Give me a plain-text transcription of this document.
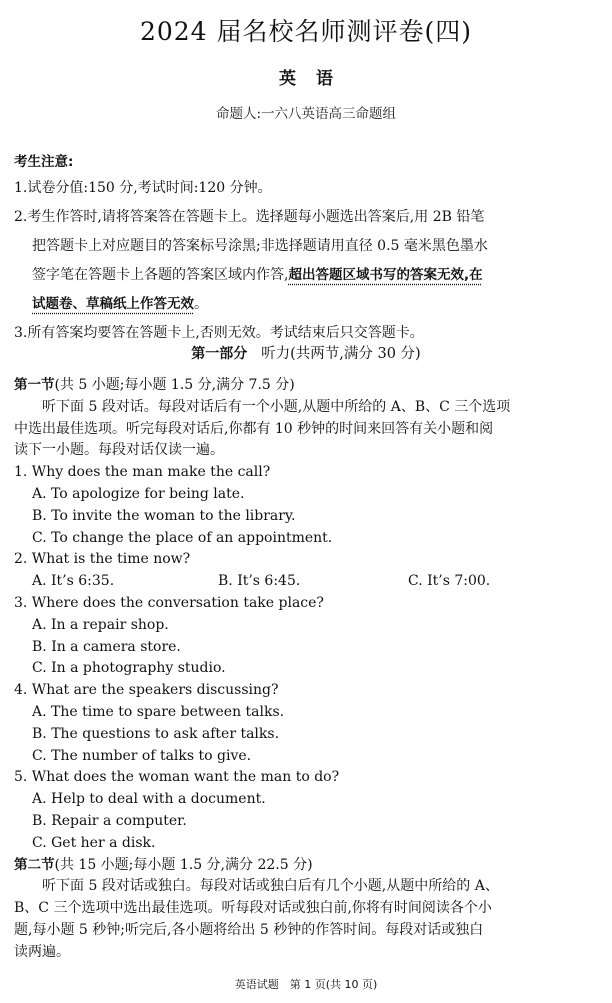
2024 届名校名师测评卷(四)
英语
命题人:一六八英语高三命题组
考生注意:
1.试卷分值:150 分,考试时间:120 分钟。
2.考生作答时,请将答案答在答题卡上。选择题每小题选出答案后,用 2B 铅笔
把答题卡上对应题目的答案标号涂黑;非选择题请用直径 0.5 毫米黑色墨水
签字笔在答题卡上各题的答案区域内作答,超出答题区域书写的答案无效,在
试题卷、草稿纸上作答无效。
3.所有答案均要答在答题卡上,否则无效。考试结束后只交答题卡。
第一部分 听力(共两节,满分 30 分)
第一节(共 5 小题;每小题 1.5 分,满分 7.5 分)
听下面 5 段对话。每段对话后有一个小题,从题中所给的 A、B、C 三个选项
中选出最佳选项。听完每段对话后,你都有 10 秒钟的时间来回答有关小题和阅
读下一小题。每段对话仅读一遍。
1. Why does the man make the call?
A. To apologize for being late.
B. To invite the woman to the library.
C. To change the place of an appointment.
2. What is the time now?
A. It’s 6:35.	B. It’s 6:45.	C. It’s 7:00.
3. Where does the conversation take place?
A. In a repair shop.
B. In a camera store.
C. In a photography studio.
4. What are the speakers discussing?
A. The time to spare between talks.
B. The questions to ask after talks.
C. The number of talks to give.
5. What does the woman want the man to do?
A. Help to deal with a document.
B. Repair a computer.
C. Get her a disk.
第二节(共 15 小题;每小题 1.5 分,满分 22.5 分)
听下面 5 段对话或独白。每段对话或独白后有几个小题,从题中所给的 A、
B、C 三个选项中选出最佳选项。听每段对话或独白前,你将有时间阅读各个小
题,每小题 5 秒钟;听完后,各小题将给出 5 秒钟的作答时间。每段对话或独白
读两遍。
英语试题　第 1 页(共 10 页)
